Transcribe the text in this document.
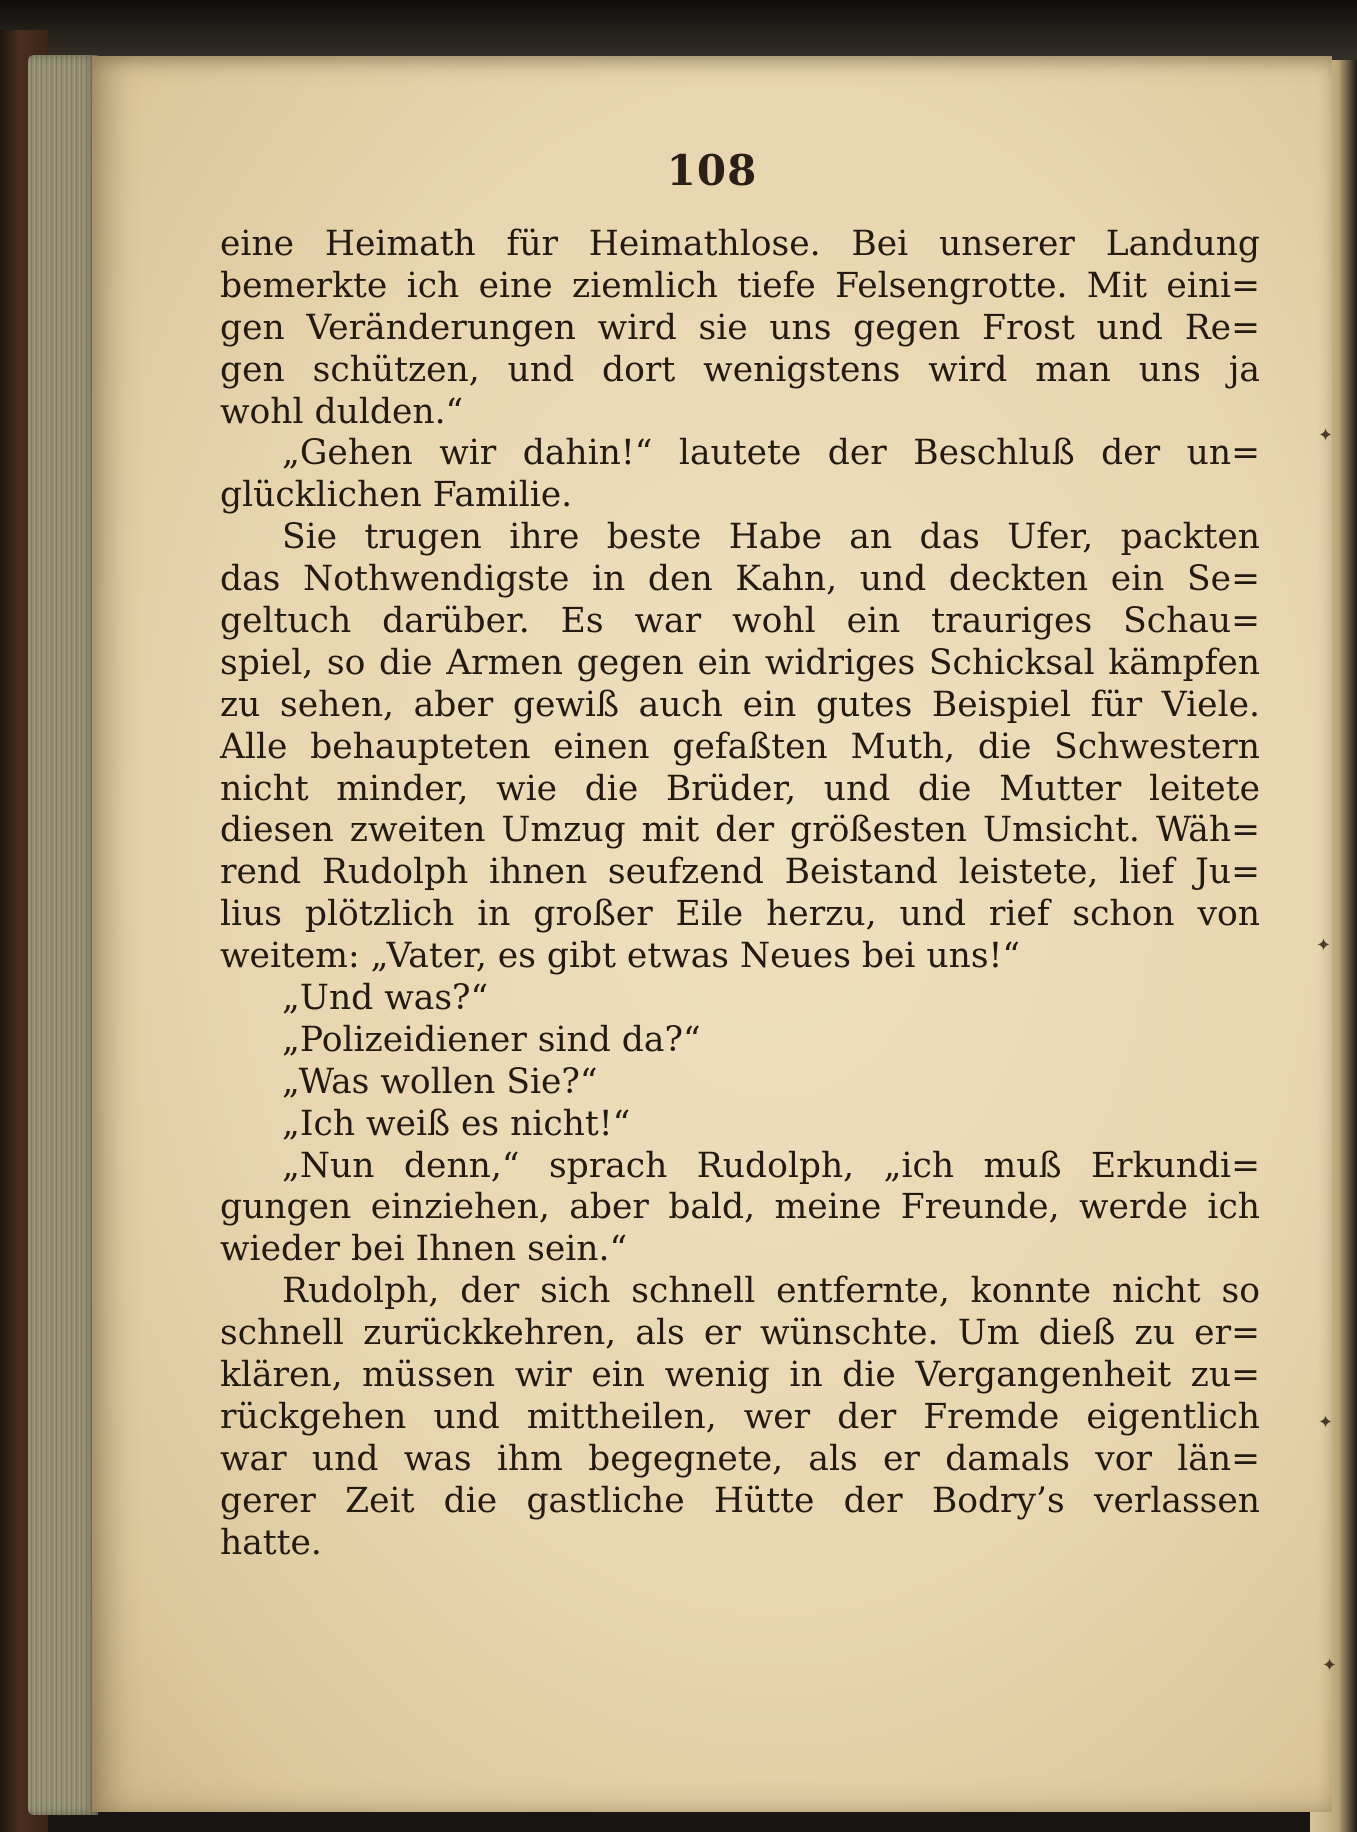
108
eine Heimath für Heimathlose. Bei unserer Landung
bemerkte ich eine ziemlich tiefe Felsengrotte. Mit eini=
gen Veränderungen wird sie uns gegen Frost und Re=
gen schützen, und dort wenigstens wird man uns ja
wohl dulden.“
„Gehen wir dahin!“ lautete der Beschluß der un=
glücklichen Familie.
Sie trugen ihre beste Habe an das Ufer, packten
das Nothwendigste in den Kahn, und deckten ein Se=
geltuch darüber. Es war wohl ein trauriges Schau=
spiel, so die Armen gegen ein widriges Schicksal kämpfen
zu sehen, aber gewiß auch ein gutes Beispiel für Viele.
Alle behaupteten einen gefaßten Muth, die Schwestern
nicht minder, wie die Brüder, und die Mutter leitete
diesen zweiten Umzug mit der größesten Umsicht. Wäh=
rend Rudolph ihnen seufzend Beistand leistete, lief Ju=
lius plötzlich in großer Eile herzu, und rief schon von
weitem: „Vater, es gibt etwas Neues bei uns!“
„Und was?“
„Polizeidiener sind da?“
„Was wollen Sie?“
„Ich weiß es nicht!“
„Nun denn,“ sprach Rudolph, „ich muß Erkundi=
gungen einziehen, aber bald, meine Freunde, werde ich
wieder bei Ihnen sein.“
Rudolph, der sich schnell entfernte, konnte nicht so
schnell zurückkehren, als er wünschte. Um dieß zu er=
klären, müssen wir ein wenig in die Vergangenheit zu=
rückgehen und mittheilen, wer der Fremde eigentlich
war und was ihm begegnete, als er damals vor län=
gerer Zeit die gastliche Hütte der Bodry’s verlassen
hatte.
✦
✦
✦
✦
